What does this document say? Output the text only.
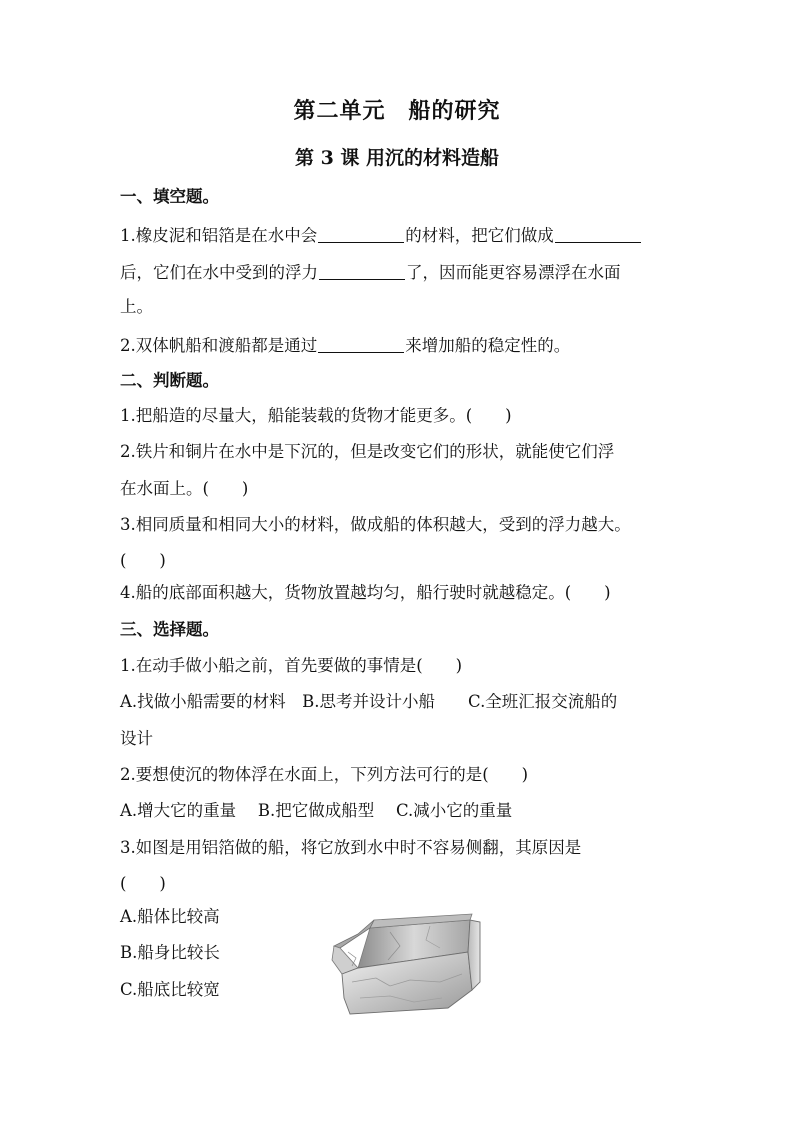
第二单元　船的研究
第 3 课 用沉的材料造船

一、填空题。

1.橡皮泥和铝箔是在水中会	的材料，把它们做成

后，它们在水中受到的浮力	了，因而能更容易漂浮在水面

上。

2.双体帆船和渡船都是通过	来增加船的稳定性的。

二、判断题。

1.把船造的尽量大，船能装载的货物才能更多。(　　)

2.铁片和铜片在水中是下沉的，但是改变它们的形状，就能使它们浮

在水面上。(　　)

3.相同质量和相同大小的材料，做成船的体积越大，受到的浮力越大。

(　　)

4.船的底部面积越大，货物放置越均匀，船行驶时就越稳定。(　　)

三、选择题。

1.在动手做小船之前，首先要做的事情是(　　)

A.找做小船需要的材料　B.思考并设计小船　　C.全班汇报交流船的

设计

2.要想使沉的物体浮在水面上，下列方法可行的是(　　)

A.增大它的重量　 B.把它做成船型　 C.减小它的重量

3.如图是用铝箔做的船，将它放到水中时不容易侧翻，其原因是

(　　)

A.船体比较高

B.船身比较长

C.船底比较宽
